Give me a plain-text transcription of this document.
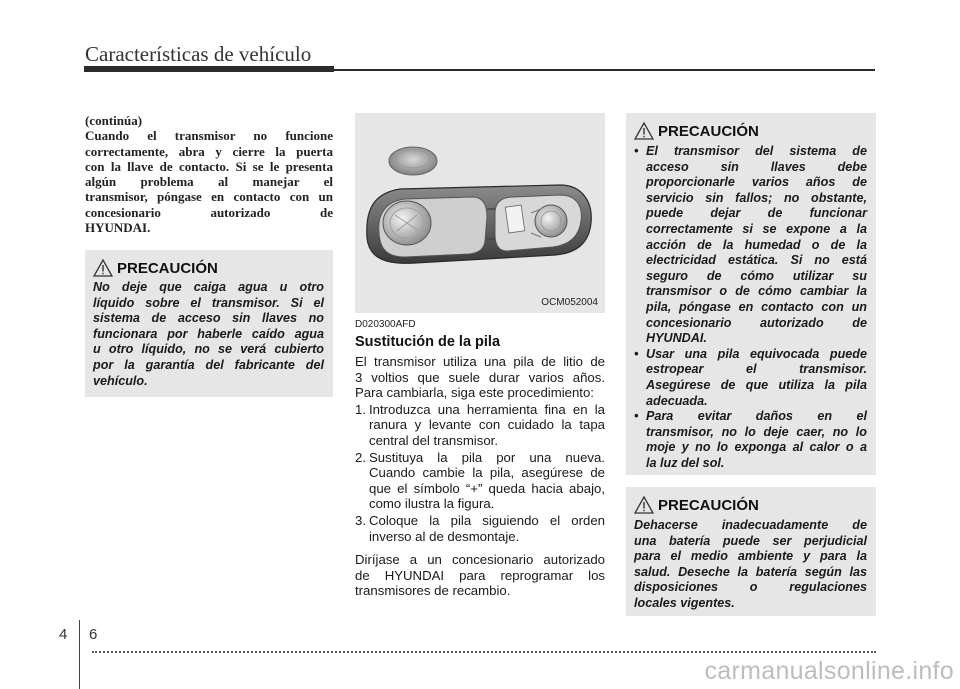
Características de vehículo
(continúa)
Cuando el transmisor no funcione
correctamente, abra y cierre la puerta
con la llave de contacto. Si se le presenta
algún problema al manejar el
transmisor, póngase en contacto con un
concesionario autorizado de
HYUNDAI.
PRECAUCIÓN
No deje que caiga agua u otro
líquido sobre el transmisor. Si el
sistema de acceso sin llaves no
funcionara por haberle caído agua
u otro líquido, no se verá cubierto
por la garantía del fabricante del
vehículo.
OCM052004
D020300AFD
Sustitución de la pila
El transmisor utiliza una pila de litio de
3 voltios que suele durar varios años.
Para cambiarla, siga este procedimiento:
1. Introduzca una herramienta fina en la
ranura y levante con cuidado la tapa
central del transmisor.
2. Sustituya la pila por una nueva.
Cuando cambie la pila, asegúrese de
que el símbolo “+” queda hacia abajo,
como ilustra la figura.
3. Coloque la pila siguiendo el orden
inverso al de desmontaje.
Diríjase a un concesionario autorizado
de HYUNDAI para reprogramar los
transmisores de recambio.
PRECAUCIÓN
• El transmisor del sistema de
acceso sin llaves debe
proporcionarle varios años de
servicio sin fallos; no obstante,
puede dejar de funcionar
correctamente si se expone a la
acción de la humedad o de la
electricidad estática. Si no está
seguro de cómo utilizar su
transmisor o de cómo cambiar la
pila, póngase en contacto con un
concesionario autorizado de
HYUNDAI.
• Usar una pila equivocada puede
estropear el transmisor.
Asegúrese de que utiliza la pila
adecuada.
• Para evitar daños en el
transmisor, no lo deje caer, no lo
moje y no lo exponga al calor o a
la luz del sol.
PRECAUCIÓN
Dehacerse inadecuadamente de
una batería puede ser perjudicial
para el medio ambiente y para la
salud. Deseche la batería según las
disposiciones o regulaciones
locales vigentes.
4 6
carmanualsonline.info
